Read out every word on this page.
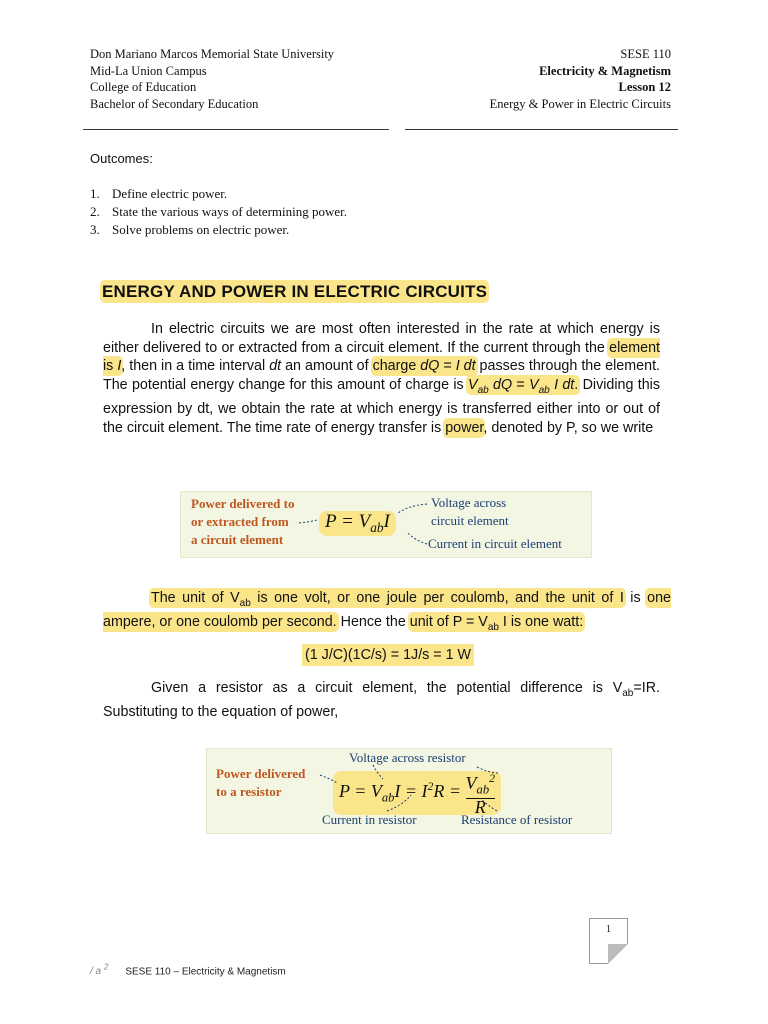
Don Mariano Marcos Memorial State University
Mid-La Union Campus
College of Education
Bachelor of Secondary Education
SESE 110
Electricity & Magnetism
Lesson 12
Energy & Power in Electric Circuits
Outcomes:
1. Define electric power.
2. State the various ways of determining power.
3. Solve problems on electric power.
ENERGY AND POWER IN ELECTRIC CIRCUITS
In electric circuits we are most often interested in the rate at which energy is either delivered to or extracted from a circuit element. If the current through the element is I, then in a time interval dt an amount of charge dQ = I dt passes through the element. The potential energy change for this amount of charge is $V_{ab}$ dQ = $V_{ab}$ I dt. Dividing this expression by dt, we obtain the rate at which energy is transferred either into or out of the circuit element. The time rate of energy transfer is power, denoted by P, so we write
Power delivered to
or extracted from
a circuit element
$P = V_{ab}I$
Voltage across
circuit element
Current in circuit element
The unit of $V_{ab}$ is one volt, or one joule per coulomb, and the unit of I is one ampere, or one coulomb per second. Hence the unit of $P = V_{ab}$ I is one watt:
(1 J/C)(1C/s) = 1J/s = 1 W
Given a resistor as a circuit element, the potential difference is $V_{ab}=IR$. Substituting to the equation of power,
Power delivered
to a resistor
Voltage across resistor
$P = V_{ab}I = I^2R = V_{ab}^2$
R
Current in resistor	Resistance of resistor
1
/ a $^2$ SESE 110 – Electricity & Magnetism
